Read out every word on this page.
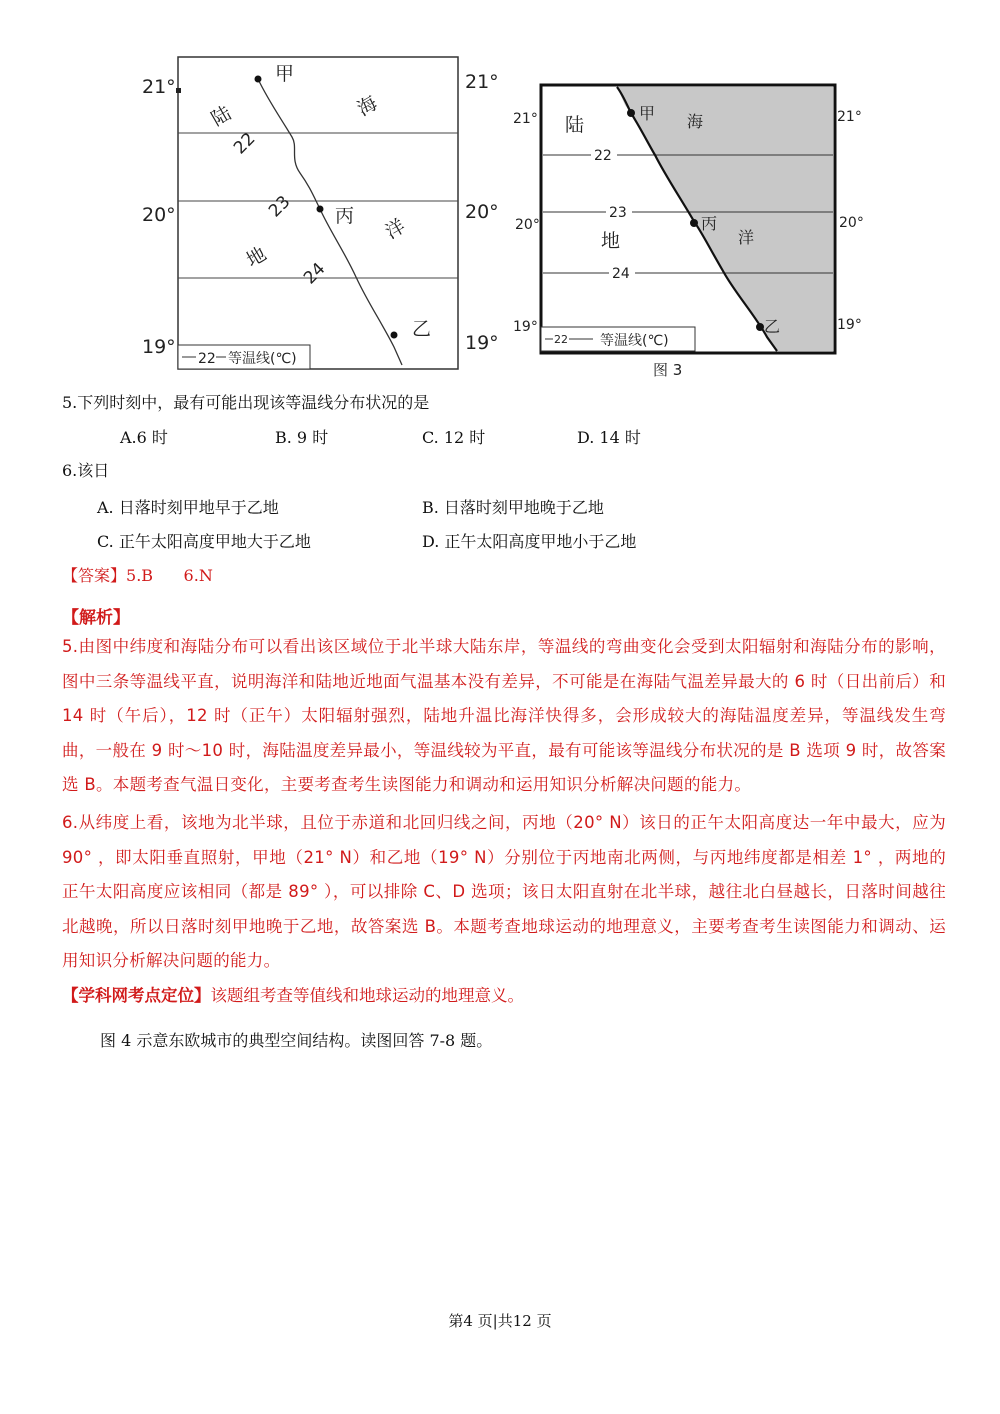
21°	21°
20°	20°
19°	19°
甲
丙
乙
陆
地
海
洋
22
23
24
22 等温线(℃)
21°	21°
20°	20°
19°	19°
甲
丙
乙
陆
地
海
洋
22
23
24
22 等温线(℃)
图 3
5.下列时刻中，最有可能出现该等温线分布状况的是
A.6 时	B. 9 时	C. 12 时	D. 14 时
6.该日
A. 日落时刻甲地早于乙地	B. 日落时刻甲地晚于乙地
C. 正午太阳高度甲地大于乙地	D. 正午太阳高度甲地小于乙地
【答案】5.B      6.N
【解析】
5.由图中纬度和海陆分布可以看出该区域位于北半球大陆东岸，等温线的弯曲变化会受到太阳辐射和海陆分布的影响，图中三条等温线平直，说明海洋和陆地近地面气温基本没有差异，不可能是在海陆气温差异最大的 6 时（日出前后）和 14 时（午后），12 时（正午）太阳辐射强烈，陆地升温比海洋快得多，会形成较大的海陆温度差异，等温线发生弯曲，一般在 9 时～10 时，海陆温度差异最小，等温线较为平直，最有可能该等温线分布状况的是 B 选项 9 时，故答案选 B。本题考查气温日变化，主要考查考生读图能力和调动和运用知识分析解决问题的能力。
6.从纬度上看，该地为北半球，且位于赤道和北回归线之间，丙地（20° N）该日的正午太阳高度达一年中最大，应为 90° ，即太阳垂直照射，甲地（21° N）和乙地（19° N）分别位于丙地南北两侧，与丙地纬度都是相差 1° ，两地的正午太阳高度应该相同（都是 89° ），可以排除 C、D 选项；该日太阳直射在北半球，越往北白昼越长，日落时间越往北越晚，所以日落时刻甲地晚于乙地，故答案选 B。本题考查地球运动的地理意义，主要考查考生读图能力和调动、运用知识分析解决问题的能力。
【学科网考点定位】该题组考查等值线和地球运动的地理意义。
图 4 示意东欧城市的典型空间结构。读图回答 7-8 题。
第4 页|共12 页
